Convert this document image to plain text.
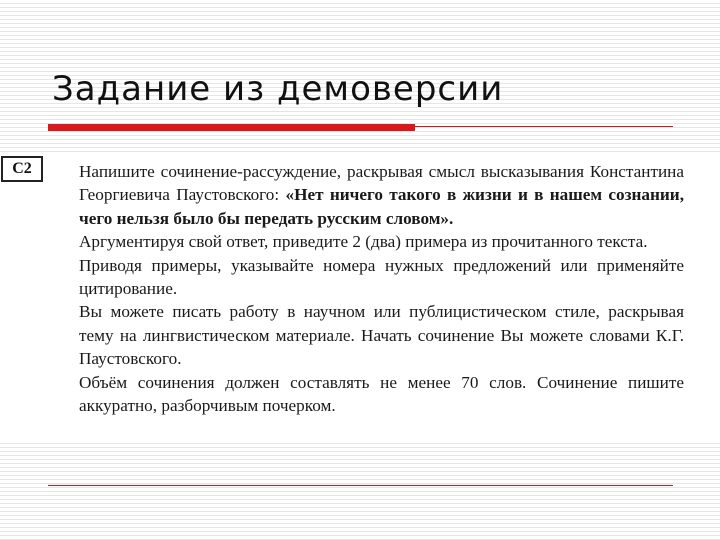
Задание из демоверсии
С2	Напишите сочинение-рассуждение, раскрывая смысл высказывания Константина Георгиевича Паустовского: «Нет ничего такого в жизни и в нашем сознании, чего нельзя было бы передать русским словом».

Аргументируя свой ответ, приведите 2 (два) примера из прочитанного текста.

Приводя примеры, указывайте номера нужных предложений или применяйте цитирование.

Вы можете писать работу в научном или публицистическом стиле, раскрывая тему на лингвистическом материале. Начать сочинение Вы можете словами К.Г. Паустовского.

Объём сочинения должен составлять не менее 70 слов. Сочинение пишите аккуратно, разборчивым почерком.
